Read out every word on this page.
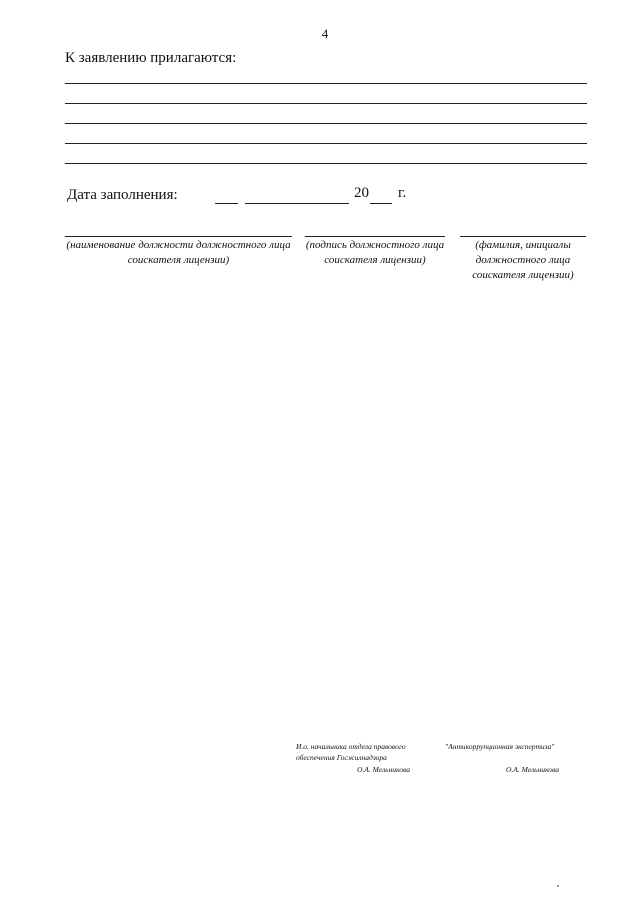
4
К заявлению прилагаются:
Дата заполнения:	20 г.
(наименование должности должностного лица соискателя лицензии)
(подпись должностного лица соискателя лицензии)
(фамилия, инициалы должностного лица соискателя лицензии)
И.о. начальника отдела правового
обеспечения Госжилнадзора
О.А. Мельникова
"Антикоррупционная экспертиза"
О.А. Мельникова
